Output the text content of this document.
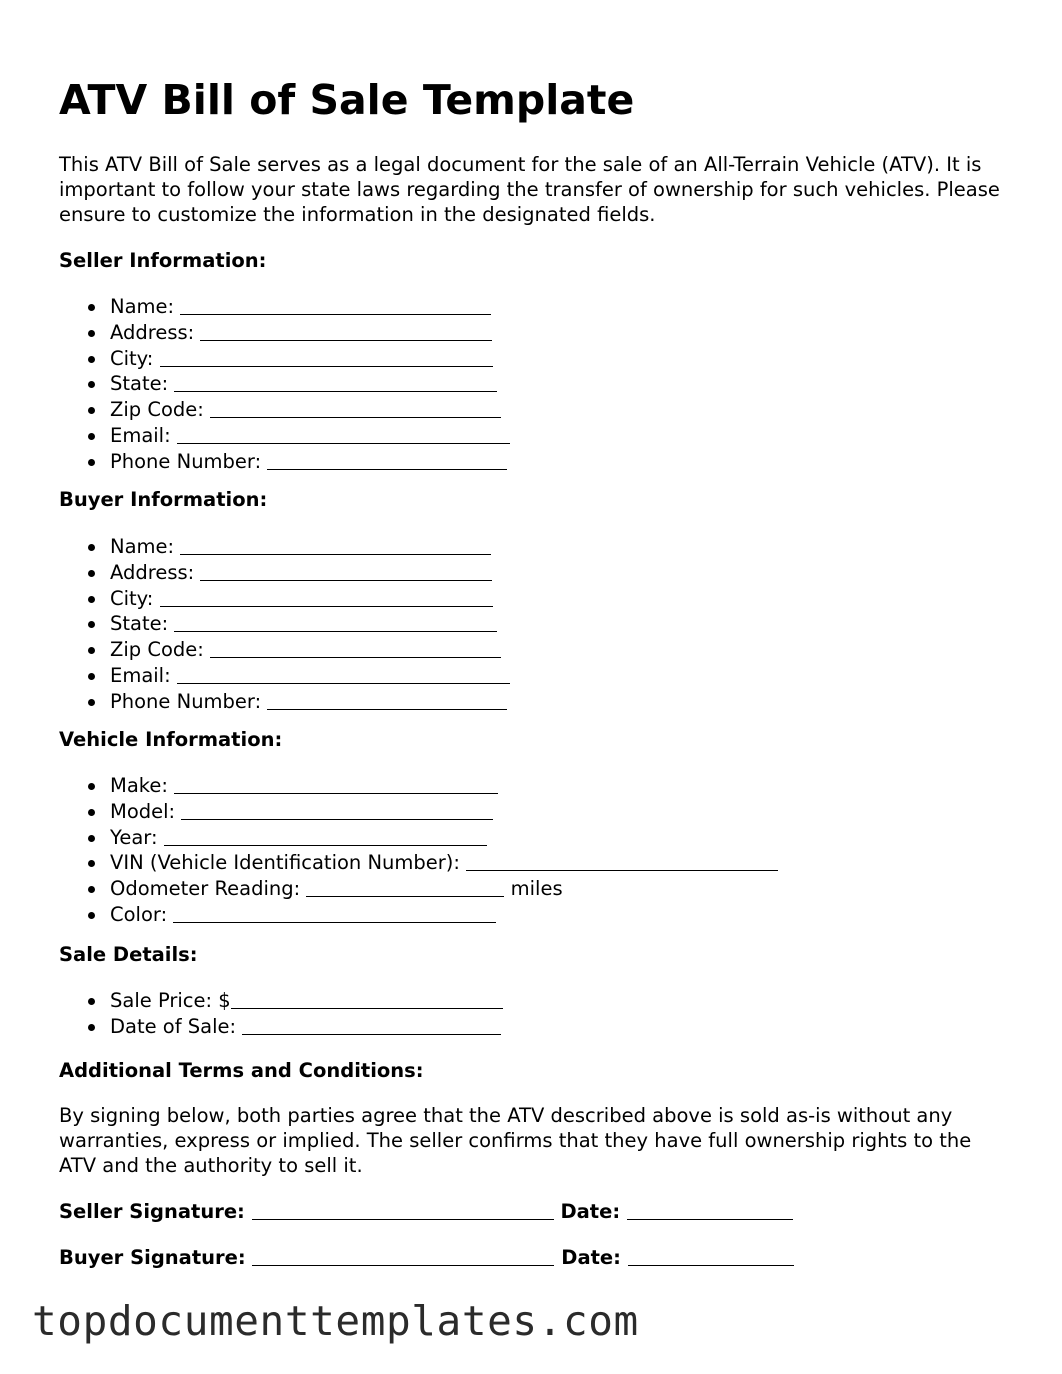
ATV Bill of Sale Template

This ATV Bill of Sale serves as a legal document for the sale of an All-Terrain Vehicle (ATV). It is important to follow your state laws regarding the transfer of ownership for such vehicles. Please ensure to customize the information in the designated fields.

Seller Information:

Name:
Address:
City:
State:
Zip Code:
Email:
Phone Number:

Buyer Information:

Name:
Address:
City:
State:
Zip Code:
Email:
Phone Number:

Vehicle Information:

Make:
Model:
Year:
VIN (Vehicle Identification Number):
Odometer Reading:	miles
Color:

Sale Details:

Sale Price: $
Date of Sale:

Additional Terms and Conditions:

By signing below, both parties agree that the ATV described above is sold as-is without any warranties, express or implied. The seller confirms that they have full ownership rights to the ATV and the authority to sell it.

Seller Signature:	Date:

Buyer Signature:	Date:

topdocumenttemplates.com
